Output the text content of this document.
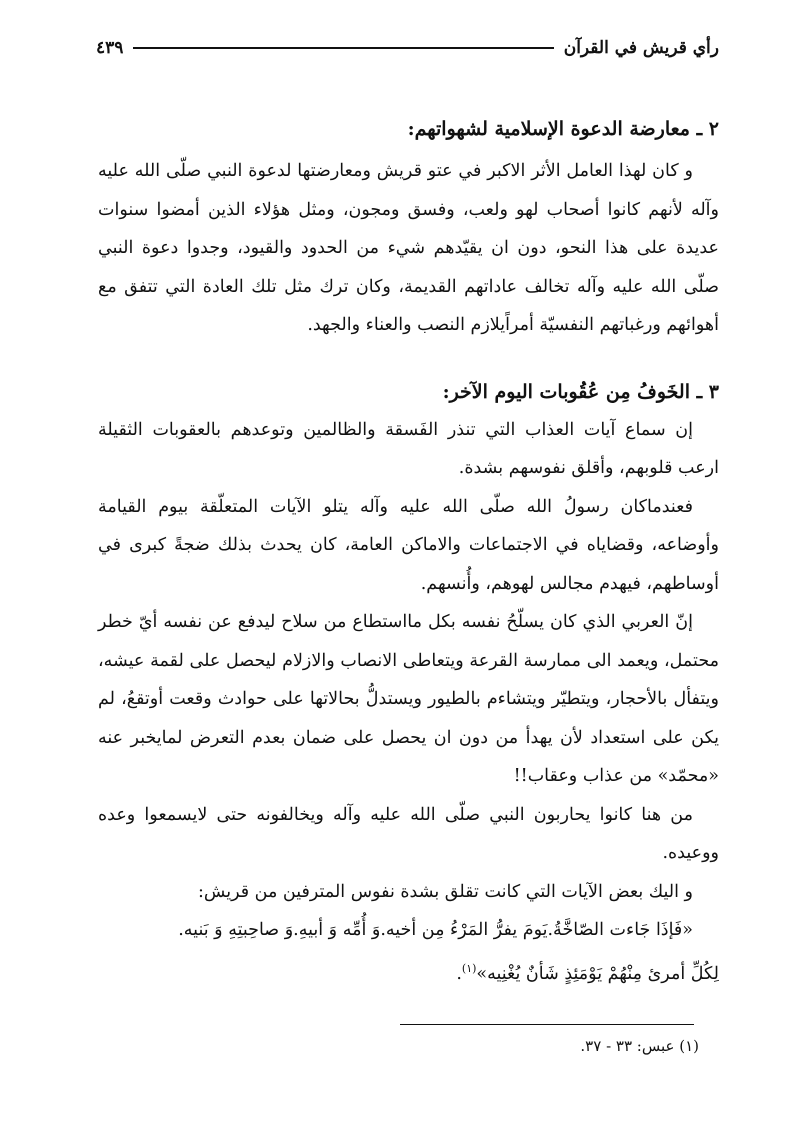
رأي قريش في القرآن
٤٣٩
٢ ـ معارضة الدعوة الإسلامية لشهواتهم:

و كان لهذا العامل الأثر الاكبر في عتو قريش ومعارضتها لدعوة النبي صلّى الله عليه وآله لأنهم كانوا أصحاب لهو ولعب، وفسق ومجون، ومثل هؤلاء الذين أمضوا سنوات عديدة على هذا النحو، دون ان يقيّدهم شيء من الحدود والقيود، وجدوا دعوة النبي صلّى الله عليه وآله تخالف عاداتهم القديمة، وكان ترك مثل تلك العادة التي تتفق مع أهوائهم ورغباتهم النفسيّة أمراًيلازم النصب والعناء والجهد.

٣ ـ الخَوفُ مِن عُقُوبات اليوم الآخر:

إن سماع آيات العذاب التي تنذر الفَسقة والظالمين وتوعدهم بالعقوبات الثقيلة ارعب قلوبهم، وأقلق نفوسهم بشدة.

فعندماكان رسولُ الله صلّى الله عليه وآله يتلو الآيات المتعلّقة بيوم القيامة وأوضاعه، وقضاياه في الاجتماعات والاماكن العامة، كان يحدث بذلك ضجةً كبرى في أوساطهم، فيهدم مجالس لهوهم، وأُنسهم.

إنّ العربي الذي كان يسلّحُ نفسه بكل مااستطاع من سلاح ليدفع عن نفسه أيّ خطر محتمل، ويعمد الى ممارسة القرعة ويتعاطى الانصاب والازلام ليحصل على لقمة عيشه، ويتفأل بالأحجار، ويتطيّر ويتشاءم بالطيور ويستدلُّ بحالاتها على حوادث وقعت أوتقعُ، لم يكن على استعداد لأن يهدأ من دون ان يحصل على ضمان بعدم التعرض لمايخبر عنه «محمّد» من عذاب وعقاب!!

من هنا كانوا يحاربون النبي صلّى الله عليه وآله ويخالفونه حتى لايسمعوا وعده ووعيده.

و اليك بعض الآيات التي كانت تقلق بشدة نفوس المترفين من قريش:

«فَإذَا جَاءت الصّاخَّةُ.يَومَ يفرُّ المَرْءُ مِن أخيه.وَ أُمِّه وَ أبيهِ.وَ صاحِبتِهِ وَ بَنيه.

لِكُلِّ أمرئ مِنْهُمْ يَوْمَئِذٍ شَأنٌ يُغْنِيه»$^{(١)}$.

(١) عبس: ٣٣ - ٣٧.
